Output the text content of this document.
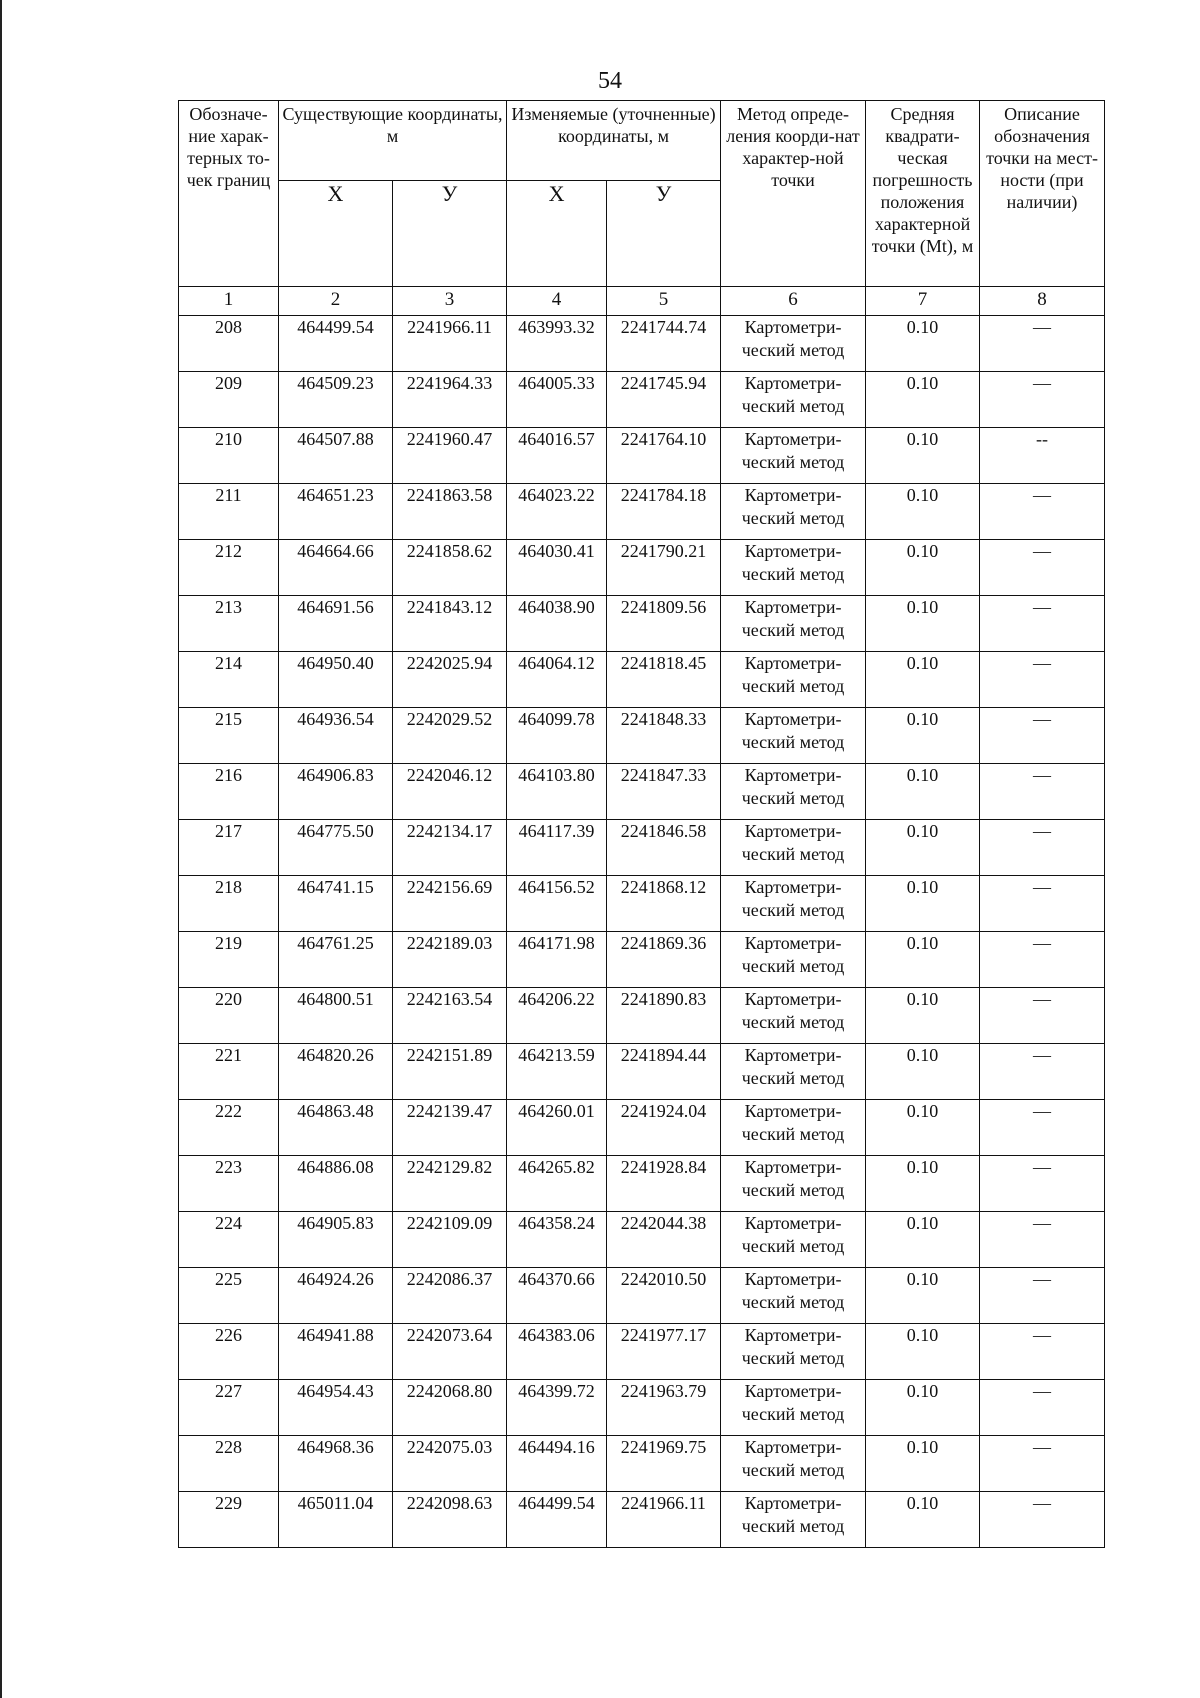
54
Обозначе-ние харак-терных то-чек границ	Существующие координаты, м		Изменяемые (уточненные) координаты, м		Метод опреде-ления коорди-нат характер-ной точки	Средняя квадрати-ческая погрешность положения характерной точки (Mt), м	Описание обозначения точки на мест-ности (при наличии)
	X	У	X	У			
1	2	3	4	5	6	7	8
208	464499.54	2241966.11	463993.32	2241744.74	Картометри-ческий метод	0.10	—
209	464509.23	2241964.33	464005.33	2241745.94	Картометри-ческий метод	0.10	—
210	464507.88	2241960.47	464016.57	2241764.10	Картометри-ческий метод	0.10	--
211	464651.23	2241863.58	464023.22	2241784.18	Картометри-ческий метод	0.10	—
212	464664.66	2241858.62	464030.41	2241790.21	Картометри-ческий метод	0.10	—
213	464691.56	2241843.12	464038.90	2241809.56	Картометри-ческий метод	0.10	—
214	464950.40	2242025.94	464064.12	2241818.45	Картометри-ческий метод	0.10	—
215	464936.54	2242029.52	464099.78	2241848.33	Картометри-ческий метод	0.10	—
216	464906.83	2242046.12	464103.80	2241847.33	Картометри-ческий метод	0.10	—
217	464775.50	2242134.17	464117.39	2241846.58	Картометри-ческий метод	0.10	—
218	464741.15	2242156.69	464156.52	2241868.12	Картометри-ческий метод	0.10	—
219	464761.25	2242189.03	464171.98	2241869.36	Картометри-ческий метод	0.10	—
220	464800.51	2242163.54	464206.22	2241890.83	Картометри-ческий метод	0.10	—
221	464820.26	2242151.89	464213.59	2241894.44	Картометри-ческий метод	0.10	—
222	464863.48	2242139.47	464260.01	2241924.04	Картометри-ческий метод	0.10	—
223	464886.08	2242129.82	464265.82	2241928.84	Картометри-ческий метод	0.10	—
224	464905.83	2242109.09	464358.24	2242044.38	Картометри-ческий метод	0.10	—
225	464924.26	2242086.37	464370.66	2242010.50	Картометри-ческий метод	0.10	—
226	464941.88	2242073.64	464383.06	2241977.17	Картометри-ческий метод	0.10	—
227	464954.43	2242068.80	464399.72	2241963.79	Картометри-ческий метод	0.10	—
228	464968.36	2242075.03	464494.16	2241969.75	Картометри-ческий метод	0.10	—
229	465011.04	2242098.63	464499.54	2241966.11	Картометри-ческий метод	0.10	—
